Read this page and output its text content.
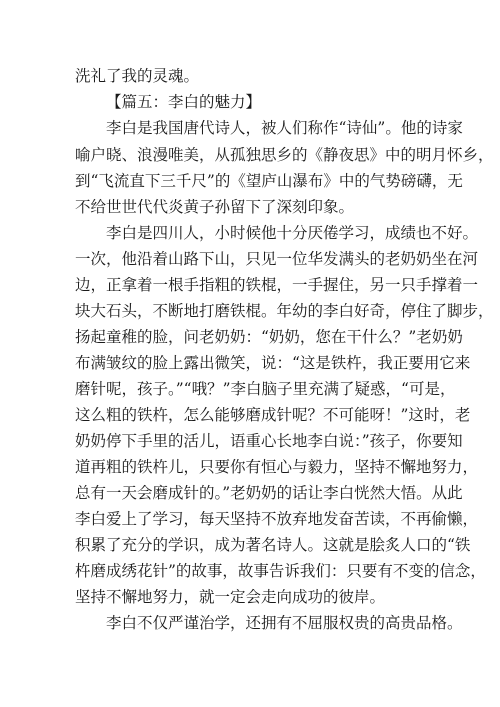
洗礼了我的灵魂。
【篇五：李白的魅力】
李白是我国唐代诗人，被人们称作“诗仙”。他的诗家
喻户晓、浪漫唯美，从孤独思乡的《静夜思》中的明月怀乡，
到“飞流直下三千尺”的《望庐山瀑布》中的气势磅礴，无
不给世世代代炎黄子孙留下了深刻印象。
李白是四川人，小时候他十分厌倦学习，成绩也不好。
一次，他沿着山路下山，只见一位华发满头的老奶奶坐在河
边，正拿着一根手指粗的铁棍，一手握住，另一只手撑着一
块大石头，不断地打磨铁棍。年幼的李白好奇，停住了脚步，
扬起童稚的脸，问老奶奶：“奶奶，您在干什么？”老奶奶
布满皱纹的脸上露出微笑，说：“这是铁杵，我正要用它来
磨针呢，孩子。”“哦？”李白脑子里充满了疑惑，“可是，
这么粗的铁杵，怎么能够磨成针呢？不可能呀！”这时，老
奶奶停下手里的活儿，语重心长地李白说：”孩子，你要知
道再粗的铁杵儿，只要你有恒心与毅力，坚持不懈地努力，
总有一天会磨成针的。”老奶奶的话让李白恍然大悟。从此
李白爱上了学习，每天坚持不放弃地发奋苦读，不再偷懒，
积累了充分的学识，成为著名诗人。这就是脍炙人口的“铁
杵磨成绣花针”的故事，故事告诉我们：只要有不变的信念，
坚持不懈地努力，就一定会走向成功的彼岸。
李白不仅严谨治学，还拥有不屈服权贵的高贵品格。
